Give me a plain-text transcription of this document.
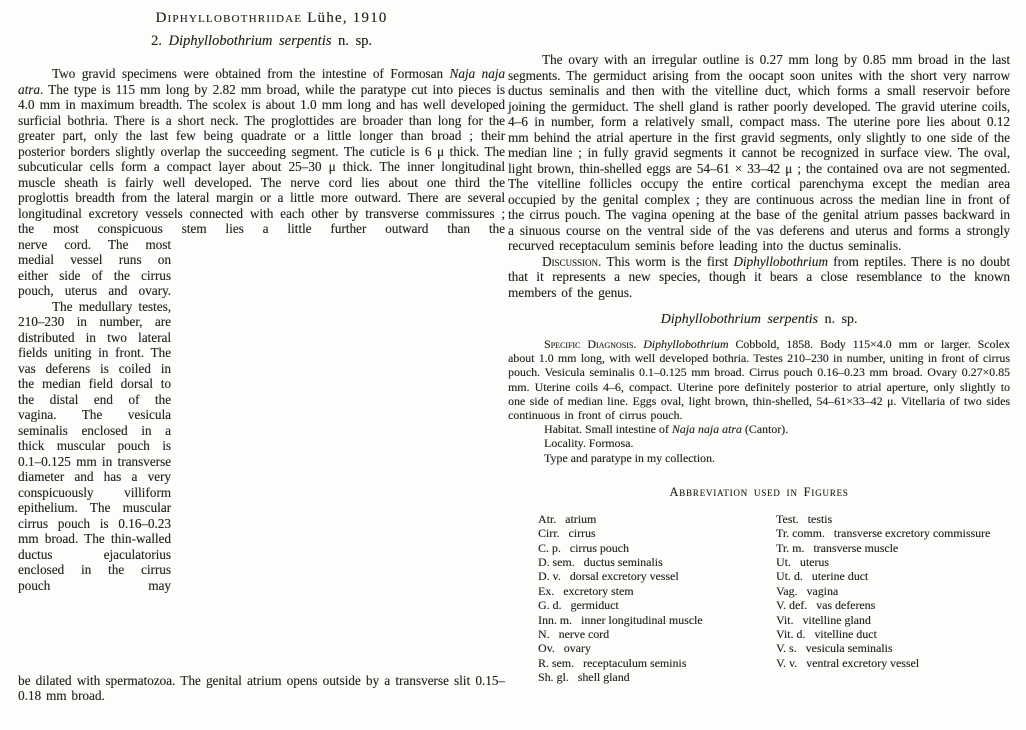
Diphyllobothriidae Lühe, 1910
2. Diphyllobothrium serpentis n. sp.

Two gravid specimens were obtained from the intestine of Formosan Naja naja atra. The type is 115 mm long by 2.82 mm broad, while the paratype cut into pieces is 4.0 mm in maximum breadth. The scolex is about 1.0 mm long and has well developed surficial bothria. There is a short neck. The proglottides are broader than long for the greater part, only the last few being quadrate or a little longer than broad ; their posterior borders slightly overlap the succeeding segment. The cuticle is 6 μ thick. The subcuticular cells form a compact layer about 25–30 μ thick. The inner longitudinal muscle sheath is fairly well developed. The nerve cord lies about one third the proglottis breadth from the lateral margin or a little more outward. There are several longitudinal excretory vessels connected with each other by transverse commissures ; the most conspicuous stem lies a little further outward than the

nerve cord. The most medial vessel runs on either side of the cirrus pouch, uterus and ovary.

The medullary testes, 210–230 in number, are distributed in two lateral fields uniting in front. The vas deferens is coiled in the median field dorsal to the distal end of the vagina. The vesicula seminalis enclosed in a thick muscular pouch is 0.1–0.125 mm in transverse diameter and has a very conspicuously villiform epithelium. The muscular cirrus pouch is 0.16–0.23 mm broad. The thin-walled ductus ejaculatorius enclosed in the cirrus pouch may

be dilated with spermatozoa. The genital atrium opens outside by a transverse slit 0.15–0.18 mm broad.

The ovary with an irregular outline is 0.27 mm long by 0.85 mm broad in the last segments. The germiduct arising from the oocapt soon unites with the short very narrow ductus seminalis and then with the vitelline duct, which forms a small reservoir before joining the germiduct. The shell gland is rather poorly developed. The gravid uterine coils, 4–6 in number, form a relatively small, compact mass. The uterine pore lies about 0.12 mm behind the atrial aperture in the first gravid segments, only slightly to one side of the median line ; in fully gravid segments it cannot be recognized in surface view. The oval, light brown, thin-shelled eggs are 54–61 × 33–42 μ ; the contained ova are not segmented. The vitelline follicles occupy the entire cortical parenchyma except the median area occupied by the genital complex ; they are continuous across the median line in front of the cirrus pouch. The vagina opening at the base of the genital atrium passes backward in a sinuous course on the ventral side of the vas deferens and uterus and forms a strongly recurved receptaculum seminis before leading into the ductus seminalis.

Discussion. This worm is the first Diphyllobothrium from reptiles. There is no doubt that it represents a new species, though it bears a close resemblance to the known members of the genus.

Diphyllobothrium serpentis n. sp.

Specific Diagnosis. Diphyllobothrium Cobbold, 1858. Body 115×4.0 mm or larger. Scolex about 1.0 mm long, with well developed bothria. Testes 210–230 in number, uniting in front of cirrus pouch. Vesicula seminalis 0.1–0.125 mm broad. Cirrus pouch 0.16–0.23 mm broad. Ovary 0.27×0.85 mm. Uterine coils 4–6, compact. Uterine pore definitely posterior to atrial aperture, only slightly to one side of median line. Eggs oval, light brown, thin-shelled, 54–61×33–42 μ. Vitellaria of two sides continuous in front of cirrus pouch.

Habitat. Small intestine of Naja naja atra (Cantor).

Locality. Formosa.

Type and paratype in my collection.

Abbreviation used in Figures
Atr. atrium
Cirr. cirrus
C. p. cirrus pouch
D. sem. ductus seminalis
D. v. dorsal excretory vessel
Ex. excretory stem
G. d. germiduct
Inn. m. inner longitudinal muscle
N. nerve cord
Ov. ovary
R. sem. receptaculum seminis
Sh. gl. shell gland
Test. testis
Tr. comm. transverse excretory commissure
Tr. m. transverse muscle
Ut. uterus
Ut. d. uterine duct
Vag. vagina
V. def. vas deferens
Vit. vitelline gland
Vit. d. vitelline duct
V. s. vesicula seminalis
V. v. ventral excretory vessel
